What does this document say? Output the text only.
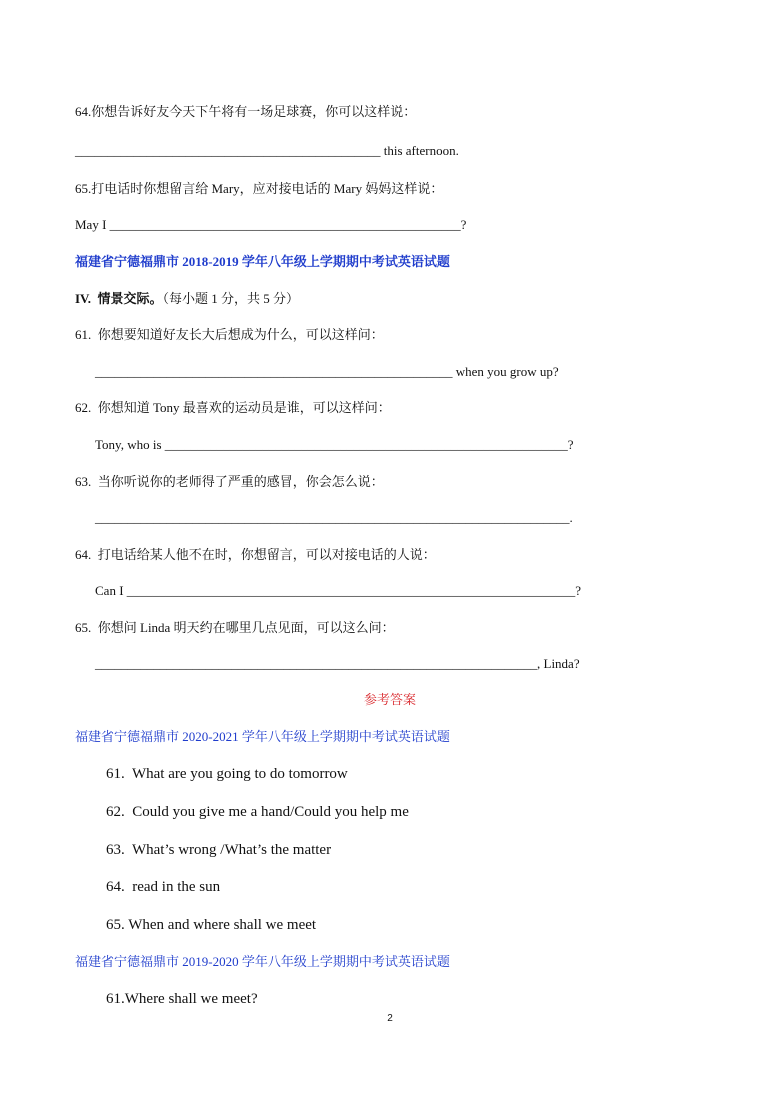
64.你想告诉好友今天下午将有一场足球赛，你可以这样说：
_______________________________________________ this afternoon.
65.打电话时你想留言给 Mary，应对接电话的 Mary 妈妈这样说：
May I ______________________________________________________?
福建省宁德福鼎市 2018-2019 学年八年级上学期期中考试英语试题
IV.  情景交际。（每小题 1 分，共 5 分）
61.  你想要知道好友长大后想成为什么，可以这样问：
_______________________________________________________ when you grow up?
62.  你想知道 Tony 最喜欢的运动员是谁，可以这样问：
Tony, who is ______________________________________________________________?
63.  当你听说你的老师得了严重的感冒，你会怎么说：
_________________________________________________________________________.
64.  打电话给某人他不在时，你想留言，可以对接电话的人说：
Can I _____________________________________________________________________?
65.  你想问 Linda 明天约在哪里几点见面，可以这么问：
____________________________________________________________________, Linda?
参考答案
福建省宁德福鼎市 2020-2021 学年八年级上学期期中考试英语试题
61.  What are you going to do tomorrow
62.  Could you give me a hand/Could you help me
63.  What’s wrong /What’s the matter
64.  read in the sun
65. When and where shall we meet
福建省宁德福鼎市 2019-2020 学年八年级上学期期中考试英语试题
61.Where shall we meet?
2
